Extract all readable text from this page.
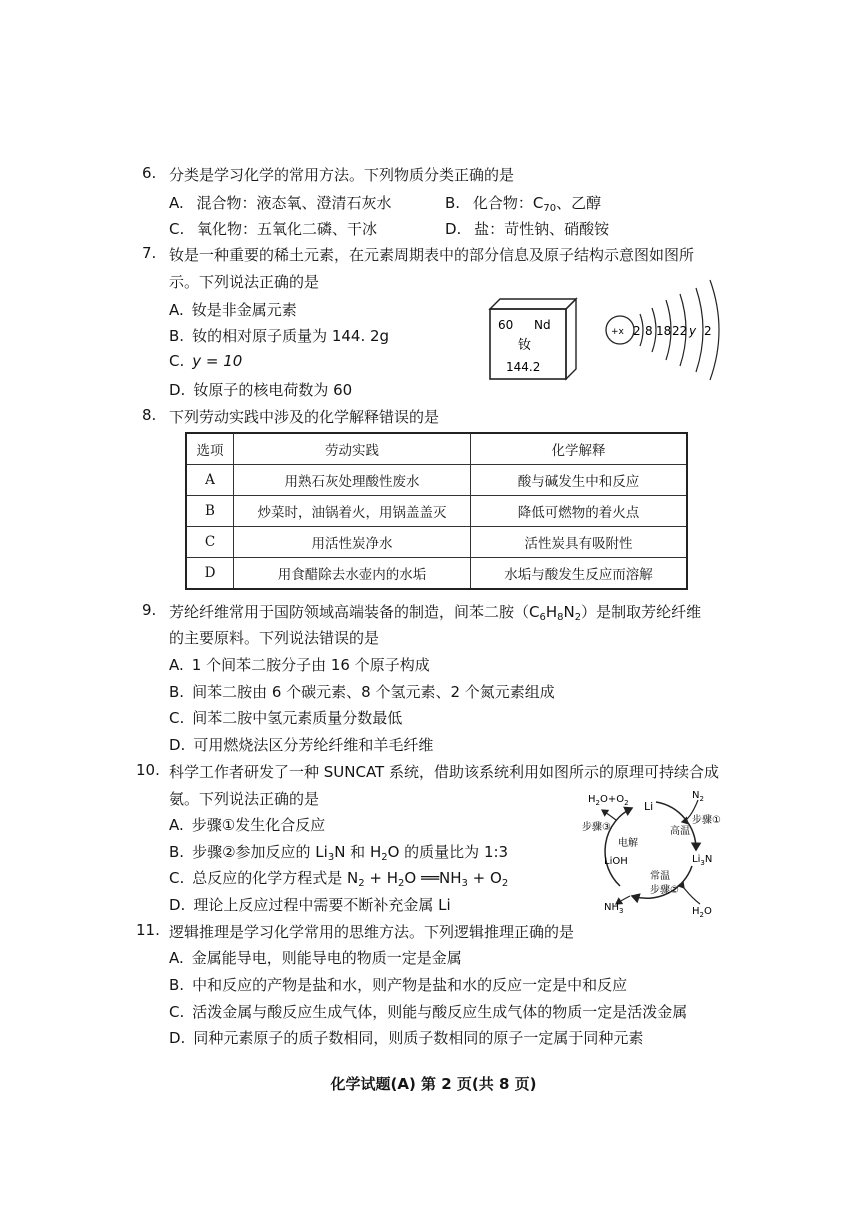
6. 分类是学习化学的常用方法。下列物质分类正确的是
A. 混合物：液态氧、澄清石灰水	B. 化合物：$C_{70}$、乙醇
C. 氧化物：五氧化二磷、干冰	D. 盐：苛性钠、硝酸铵
7. 钕是一种重要的稀土元素，在元素周期表中的部分信息及原子结构示意图如图所
示。下列说法正确的是
A. 钕是非金属元素
B. 钕的相对原子质量为 144. 2g
C. y = 10
D. 钕原子的核电荷数为 60
60 Nd
钕
144.2
+x 2 8 18 22 y 2
8. 下列劳动实践中涉及的化学解释错误的是
选项	劳动实践	化学解释
A	用熟石灰处理酸性废水	酸与碱发生中和反应
B	炒菜时，油锅着火，用锅盖盖灭	降低可燃物的着火点
C	用活性炭净水	活性炭具有吸附性
D	用食醋除去水壶内的水垢	水垢与酸发生反应而溶解
9. 芳纶纤维常用于国防领域高端装备的制造，间苯二胺$(C_6H_8N_2)$是制取芳纶纤维
的主要原料。下列说法错误的是
A. 1 个间苯二胺分子由 16 个原子构成
B. 间苯二胺由 6 个碳元素、8 个氢元素、2 个氮元素组成
C. 间苯二胺中氢元素质量分数最低
D. 可用燃烧法区分芳纶纤维和羊毛纤维
10. 科学工作者研发了一种 SUNCAT 系统，借助该系统利用如图所示的原理可持续合成
氨。下列说法正确的是
A. 步骤①发生化合反应
B. 步骤②参加反应的 $Li_3N$ 和 $H_2O$ 的质量比为 1:3
C. 总反应的化学方程式是 $N_2 + H_2O$ $══NH_3 + O_2$
D. 理论上反应过程中需要不断补充金属 Li
Li
$N_2$
步骤①
高温
$Li_3N$
常温
步骤②
$H_2O$
$NH_3$
LiOH
电解
步骤③
$H_2O+O_2$
11. 逻辑推理是学习化学常用的思维方法。下列逻辑推理正确的是
A. 金属能导电，则能导电的物质一定是金属
B. 中和反应的产物是盐和水，则产物是盐和水的反应一定是中和反应
C. 活泼金属与酸反应生成气体，则能与酸反应生成气体的物质一定是活泼金属
D. 同种元素原子的质子数相同，则质子数相同的原子一定属于同种元素
化学试题(A) 第 2 页(共 8 页)
